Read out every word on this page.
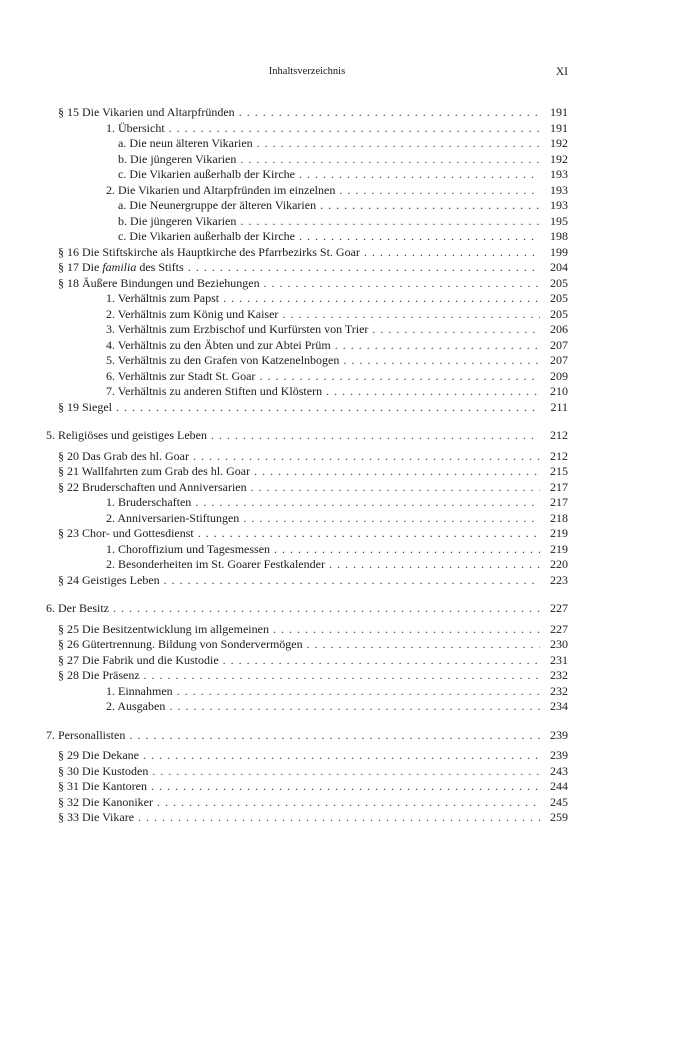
Inhaltsverzeichnis	XI
§ 15 Die Vikarien und Altarpfründen . . .	191
1. Übersicht . . .	191
a. Die neun älteren Vikarien . . .	192
b. Die jüngeren Vikarien . . .	192
c. Die Vikarien außerhalb der Kirche . . .	193
2. Die Vikarien und Altarpfründen im einzelnen . . .	193
a. Die Neunergruppe der älteren Vikarien . . .	193
b. Die jüngeren Vikarien . . .	195
c. Die Vikarien außerhalb der Kirche . . .	198
§ 16 Die Stiftskirche als Hauptkirche des Pfarrbezirks St. Goar . . .	199
§ 17 Die familia des Stifts . . .	204
§ 18 Äußere Bindungen und Beziehungen . . .	205
1. Verhältnis zum Papst . . .	205
2. Verhältnis zum König und Kaiser . . .	205
3. Verhältnis zum Erzbischof und Kurfürsten von Trier . . .	206
4. Verhältnis zu den Äbten und zur Abtei Prüm . . .	207
5. Verhältnis zu den Grafen von Katzenelnbogen . . .	207
6. Verhältnis zur Stadt St. Goar . . .	209
7. Verhältnis zu anderen Stiften und Klöstern . . .	210
§ 19 Siegel . . .	211
5. Religiöses und geistiges Leben . . .	212
§ 20 Das Grab des hl. Goar . . .	212
§ 21 Wallfahrten zum Grab des hl. Goar . . .	215
§ 22 Bruderschaften und Anniversarien . . .	217
1. Bruderschaften . . .	217
2. Anniversarien-Stiftungen . . .	218
§ 23 Chor- und Gottesdienst . . .	219
1. Choroffizium und Tagesmessen . . .	219
2. Besonderheiten im St. Goarer Festkalender . . .	220
§ 24 Geistiges Leben . . .	223
6. Der Besitz . . .	227
§ 25 Die Besitzentwicklung im allgemeinen . . .	227
§ 26 Gütertrennung. Bildung von Sondervermögen . . .	230
§ 27 Die Fabrik und die Kustodie . . .	231
§ 28 Die Präsenz . . .	232
1. Einnahmen . . .	232
2. Ausgaben . . .	234
7. Personallisten . . .	239
§ 29 Die Dekane . . .	239
§ 30 Die Kustoden . . .	243
§ 31 Die Kantoren . . .	244
§ 32 Die Kanoniker . . .	245
§ 33 Die Vikare . . .	259
